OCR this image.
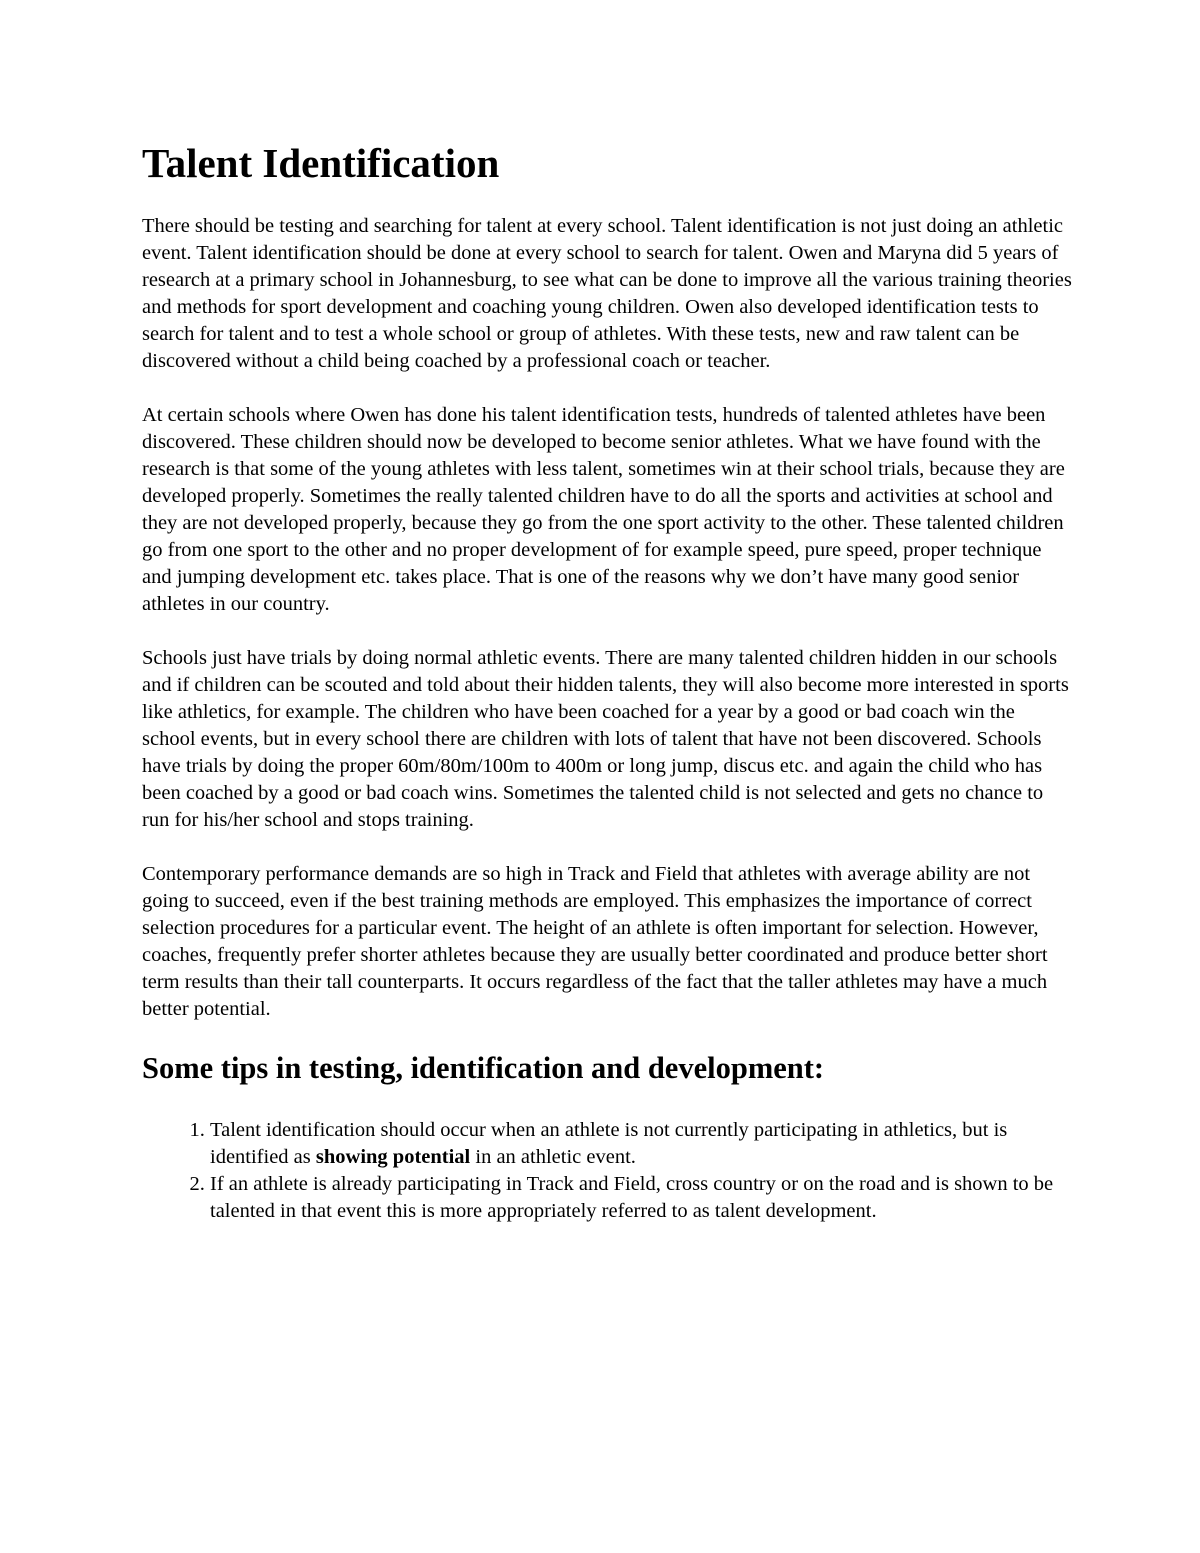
Talent Identification

There should be testing and searching for talent at every school. Talent identification is not just doing an athletic event. Talent identification should be done at every school to search for talent. Owen and Maryna did 5 years of research at a primary school in Johannesburg, to see what can be done to improve all the various training theories and methods for sport development and coaching young children. Owen also developed identification tests to search for talent and to test a whole school or group of athletes. With these tests, new and raw talent can be discovered without a child being coached by a professional coach or teacher.

At certain schools where Owen has done his talent identification tests, hundreds of talented athletes have been discovered. These children should now be developed to become senior athletes. What we have found with the research is that some of the young athletes with less talent, sometimes win at their school trials, because they are developed properly. Sometimes the really talented children have to do all the sports and activities at school and they are not developed properly, because they go from the one sport activity to the other. These talented children go from one sport to the other and no proper development of for example speed, pure speed, proper technique and jumping development etc. takes place. That is one of the reasons why we don’t have many good senior athletes in our country.

Schools just have trials by doing normal athletic events. There are many talented children hidden in our schools and if children can be scouted and told about their hidden talents, they will also become more interested in sports like athletics, for example. The children who have been coached for a year by a good or bad coach win the school events, but in every school there are children with lots of talent that have not been discovered. Schools have trials by doing the proper 60m/80m/100m to 400m or long jump, discus etc. and again the child who has been coached by a good or bad coach wins. Sometimes the talented child is not selected and gets no chance to run for his/her school and stops training.

Contemporary performance demands are so high in Track and Field that athletes with average ability are not going to succeed, even if the best training methods are employed. This emphasizes the importance of correct selection procedures for a particular event. The height of an athlete is often important for selection. However, coaches, frequently prefer shorter athletes because they are usually better coordinated and produce better short term results than their tall counterparts. It occurs regardless of the fact that the taller athletes may have a much better potential.

Some tips in testing, identification and development:
1. Talent identification should occur when an athlete is not currently participating in athletics, but is identified as showing potential in an athletic event.
2. If an athlete is already participating in Track and Field, cross country or on the road and is shown to be talented in that event this is more appropriately referred to as talent development.
